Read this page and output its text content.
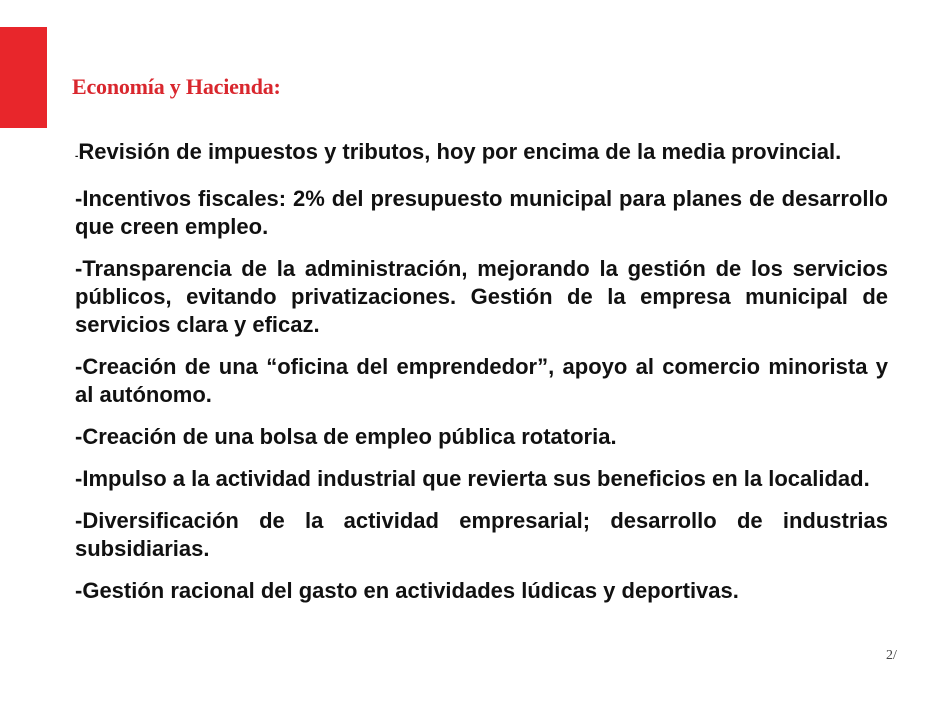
Economía y Hacienda:

-Revisión de impuestos y tributos, hoy por encima de la media provincial.

-Incentivos fiscales: 2% del presupuesto municipal para planes de desarrollo que creen empleo.

-Transparencia de la administración, mejorando la gestión de los servicios públicos, evitando privatizaciones. Gestión de la empresa municipal de servicios clara y eficaz.

-Creación de una “oficina del emprendedor”, apoyo al comercio minorista y al autónomo.

-Creación de una bolsa de empleo pública rotatoria.

-Impulso a la actividad industrial que revierta sus beneficios en la localidad.

-Diversificación de la actividad empresarial; desarrollo de industrias subsidiarias.

-Gestión racional del gasto en actividades lúdicas y deportivas.

2/
